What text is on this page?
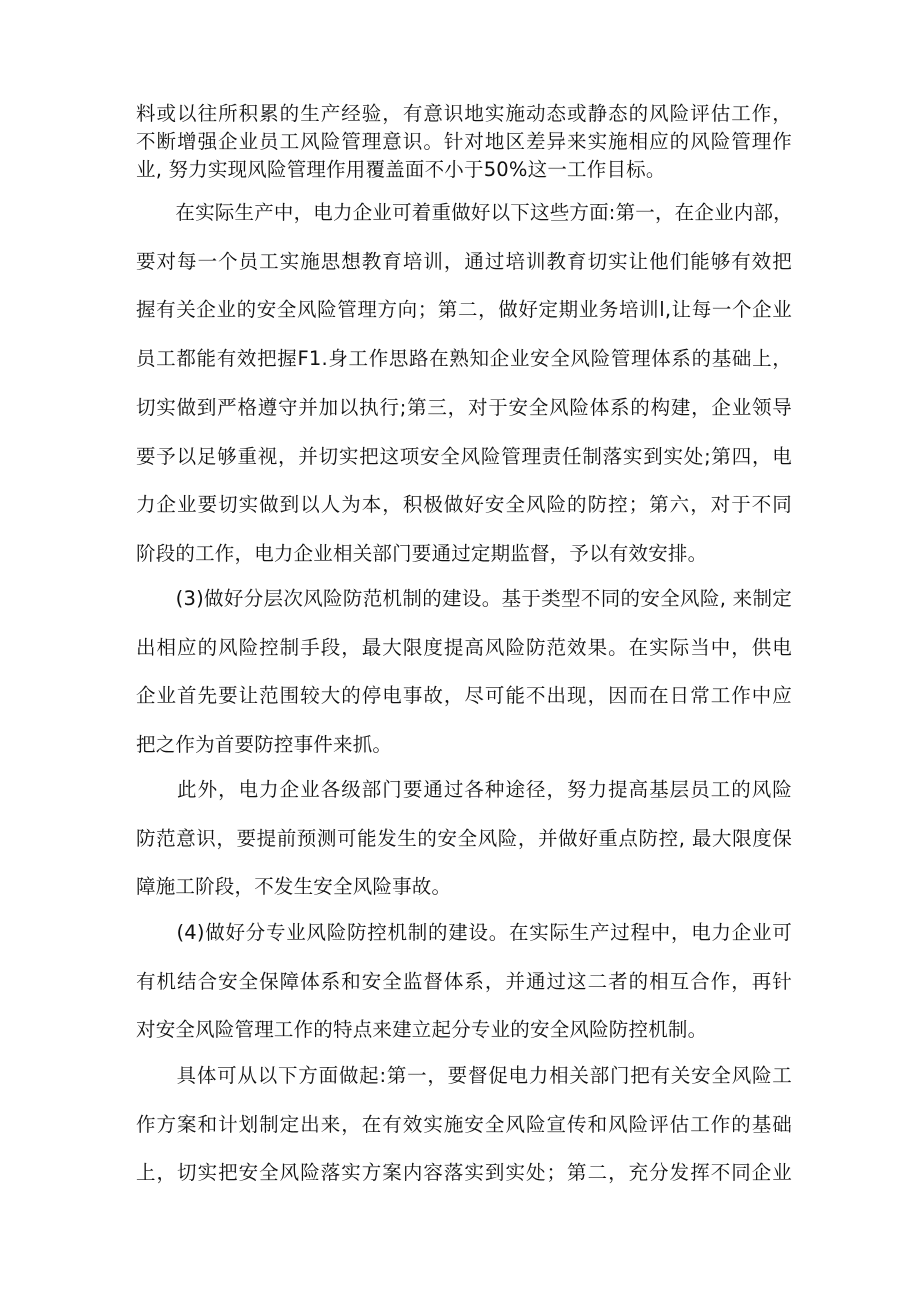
料或以往所积累的生产经验，有意识地实施动态或静态的风险评估工作，
不断增强企业员工风险管理意识。针对地区差异来实施相应的风险管理作
业, 努力实现风险管理作用覆盖面不小于50%这一工作目标。

　　在实际生产中，电力企业可着重做好以下这些方面:第一，在企业内部，
要对每一个员工实施思想教育培训，通过培训教育切实让他们能够有效把
握有关企业的安全风险管理方向；第二，做好定期业务培训l,让每一个企业
员工都能有效把握F1.身工作思路在熟知企业安全风险管理体系的基础上，
切实做到严格遵守并加以执行;第三，对于安全风险体系的构建，企业领导
要予以足够重视，并切实把这项安全风险管理责任制落实到实处;第四，电
力企业要切实做到以人为本，积极做好安全风险的防控；第六，对于不同
阶段的工作，电力企业相关部门要通过定期监督，予以有效安排。

　　(3)做好分层次风险防范机制的建设。基于类型不同的安全风险, 来制定
出相应的风险控制手段，最大限度提高风险防范效果。在实际当中，供电
企业首先要让范围较大的停电事故，尽可能不出现，因而在日常工作中应
把之作为首要防控事件来抓。

　　此外，电力企业各级部门要通过各种途径，努力提高基层员工的风险
防范意识，要提前预测可能发生的安全风险，并做好重点防控, 最大限度保
障施工阶段，不发生安全风险事故。

　　(4)做好分专业风险防控机制的建设。在实际生产过程中，电力企业可
有机结合安全保障体系和安全监督体系，并通过这二者的相互合作，再针
对安全风险管理工作的特点来建立起分专业的安全风险防控机制。

　　具体可从以下方面做起:第一，要督促电力相关部门把有关安全风险工
作方案和计划制定出来，在有效实施安全风险宣传和风险评估工作的基础
上，切实把安全风险落实方案内容落实到实处；第二，充分发挥不同企业
